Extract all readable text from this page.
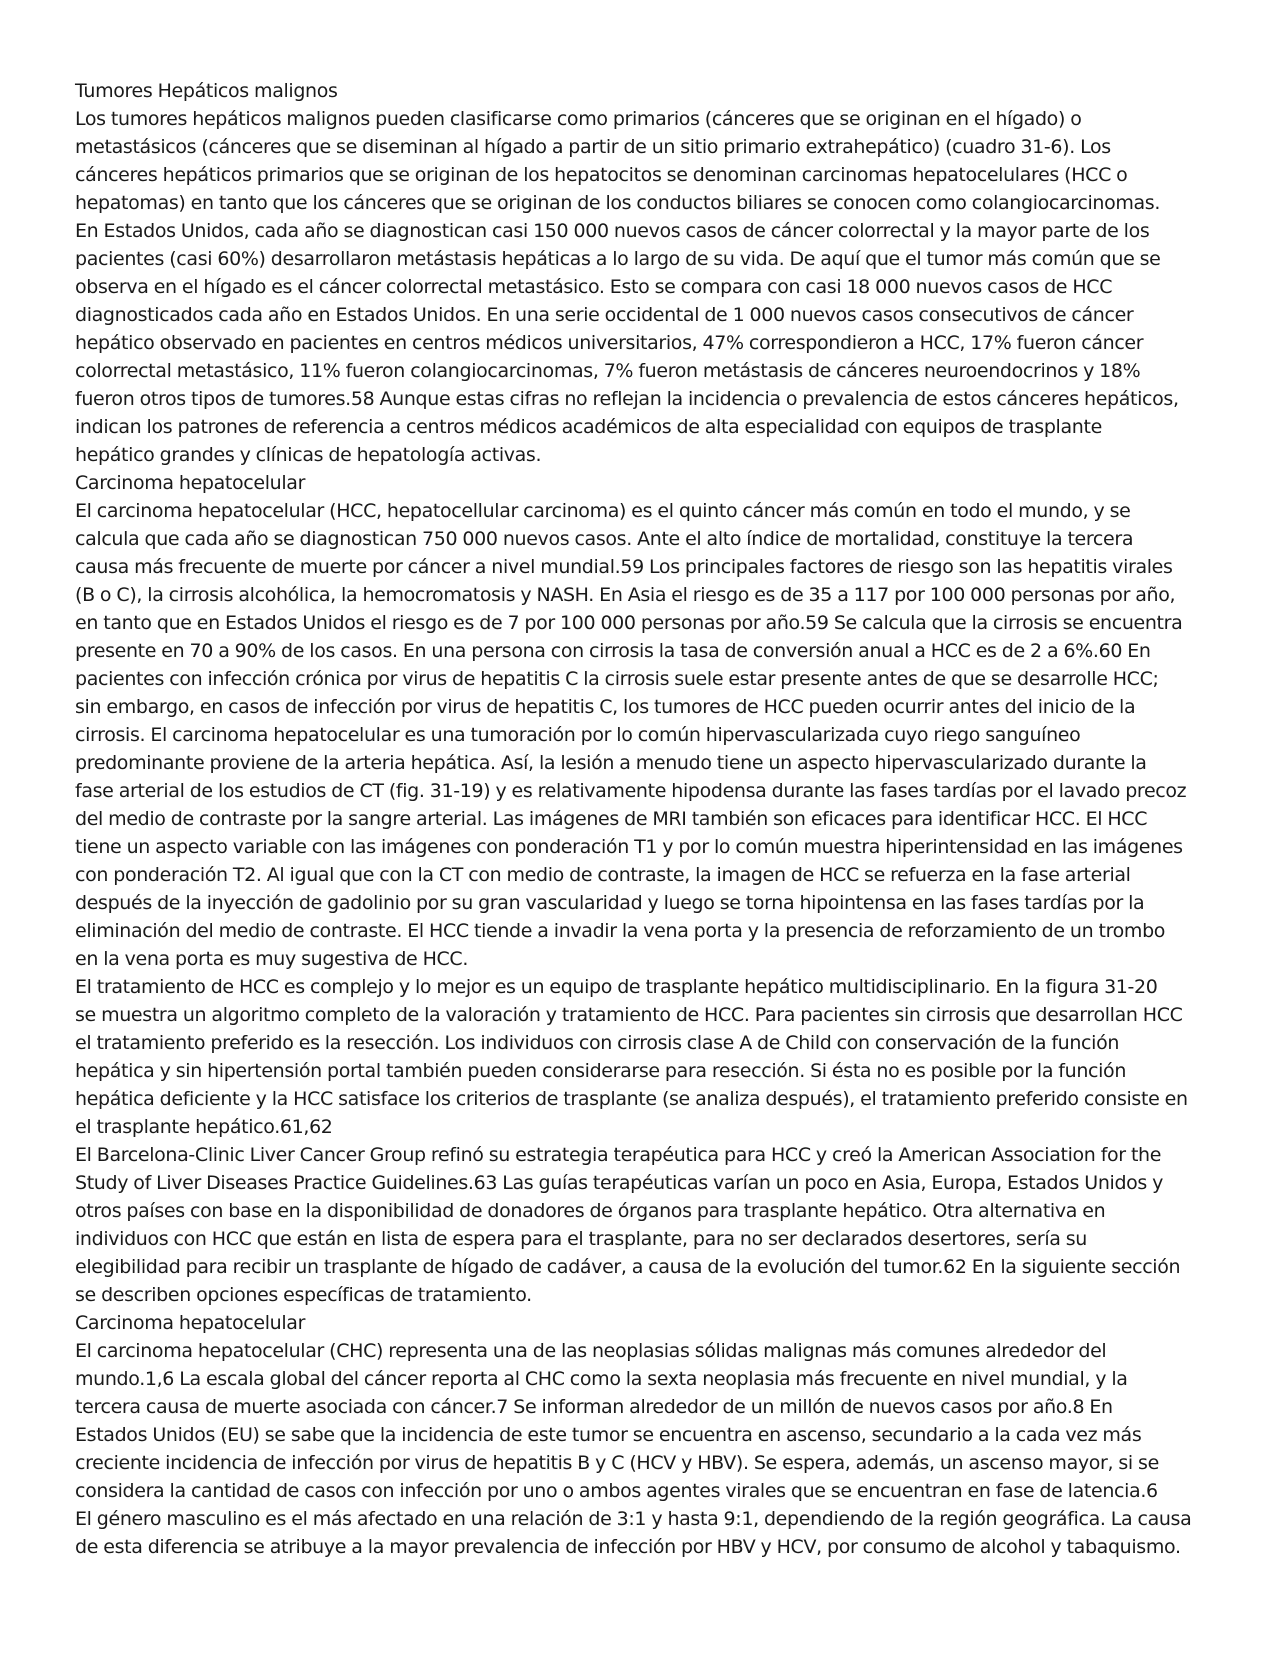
Tumores Hepáticos malignos
Los tumores hepáticos malignos pueden clasificarse como primarios (cánceres que se originan en el hígado) o
metastásicos (cánceres que se diseminan al hígado a partir de un sitio primario extrahepático) (cuadro 31-6). Los
cánceres hepáticos primarios que se originan de los hepatocitos se denominan carcinomas hepatocelulares (HCC o
hepatomas) en tanto que los cánceres que se originan de los conductos biliares se conocen como colangiocarcinomas.
En Estados Unidos, cada año se diagnostican casi 150 000 nuevos casos de cáncer colorrectal y la mayor parte de los
pacientes (casi 60%) desarrollaron metástasis hepáticas a lo largo de su vida. De aquí que el tumor más común que se
observa en el hígado es el cáncer colorrectal metastásico. Esto se compara con casi 18 000 nuevos casos de HCC
diagnosticados cada año en Estados Unidos. En una serie occidental de 1 000 nuevos casos consecutivos de cáncer
hepático observado en pacientes en centros médicos universitarios, 47% correspondieron a HCC, 17% fueron cáncer
colorrectal metastásico, 11% fueron colangiocarcinomas, 7% fueron metástasis de cánceres neuroendocrinos y 18%
fueron otros tipos de tumores.58 Aunque estas cifras no reflejan la incidencia o prevalencia de estos cánceres hepáticos,
indican los patrones de referencia a centros médicos académicos de alta especialidad con equipos de trasplante
hepático grandes y clínicas de hepatología activas.
Carcinoma hepatocelular
El carcinoma hepatocelular (HCC, hepatocellular carcinoma) es el quinto cáncer más común en todo el mundo, y se
calcula que cada año se diagnostican 750 000 nuevos casos. Ante el alto índice de mortalidad, constituye la tercera
causa más frecuente de muerte por cáncer a nivel mundial.59 Los principales factores de riesgo son las hepatitis virales
(B o C), la cirrosis alcohólica, la hemocromatosis y NASH. En Asia el riesgo es de 35 a 117 por 100 000 personas por año,
en tanto que en Estados Unidos el riesgo es de 7 por 100 000 personas por año.59 Se calcula que la cirrosis se encuentra
presente en 70 a 90% de los casos. En una persona con cirrosis la tasa de conversión anual a HCC es de 2 a 6%.60 En
pacientes con infección crónica por virus de hepatitis C la cirrosis suele estar presente antes de que se desarrolle HCC;
sin embargo, en casos de infección por virus de hepatitis C, los tumores de HCC pueden ocurrir antes del inicio de la
cirrosis. El carcinoma hepatocelular es una tumoración por lo común hipervascularizada cuyo riego sanguíneo
predominante proviene de la arteria hepática. Así, la lesión a menudo tiene un aspecto hipervascularizado durante la
fase arterial de los estudios de CT (fig. 31-19) y es relativamente hipodensa durante las fases tardías por el lavado precoz
del medio de contraste por la sangre arterial. Las imágenes de MRI también son eficaces para identificar HCC. El HCC
tiene un aspecto variable con las imágenes con ponderación T1 y por lo común muestra hiperintensidad en las imágenes
con ponderación T2. Al igual que con la CT con medio de contraste, la imagen de HCC se refuerza en la fase arterial
después de la inyección de gadolinio por su gran vascularidad y luego se torna hipointensa en las fases tardías por la
eliminación del medio de contraste. El HCC tiende a invadir la vena porta y la presencia de reforzamiento de un trombo
en la vena porta es muy sugestiva de HCC.
El tratamiento de HCC es complejo y lo mejor es un equipo de trasplante hepático multidisciplinario. En la figura 31-20
se muestra un algoritmo completo de la valoración y tratamiento de HCC. Para pacientes sin cirrosis que desarrollan HCC
el tratamiento preferido es la resección. Los individuos con cirrosis clase A de Child con conservación de la función
hepática y sin hipertensión portal también pueden considerarse para resección. Si ésta no es posible por la función
hepática deficiente y la HCC satisface los criterios de trasplante (se analiza después), el tratamiento preferido consiste en
el trasplante hepático.61,62
El Barcelona-Clinic Liver Cancer Group refinó su estrategia terapéutica para HCC y creó la American Association for the
Study of Liver Diseases Practice Guidelines.63 Las guías terapéuticas varían un poco en Asia, Europa, Estados Unidos y
otros países con base en la disponibilidad de donadores de órganos para trasplante hepático. Otra alternativa en
individuos con HCC que están en lista de espera para el trasplante, para no ser declarados desertores, sería su
elegibilidad para recibir un trasplante de hígado de cadáver, a causa de la evolución del tumor.62 En la siguiente sección
se describen opciones específicas de tratamiento.
Carcinoma hepatocelular
El carcinoma hepatocelular (CHC) representa una de las neoplasias sólidas malignas más comunes alrededor del
mundo.1,6 La escala global del cáncer reporta al CHC como la sexta neoplasia más frecuente en nivel mundial, y la
tercera causa de muerte asociada con cáncer.7 Se informan alrededor de un millón de nuevos casos por año.8 En
Estados Unidos (EU) se sabe que la incidencia de este tumor se encuentra en ascenso, secundario a la cada vez más
creciente incidencia de infección por virus de hepatitis B y C (HCV y HBV). Se espera, además, un ascenso mayor, si se
considera la cantidad de casos con infección por uno o ambos agentes virales que se encuentran en fase de latencia.6
El género masculino es el más afectado en una relación de 3:1 y hasta 9:1, dependiendo de la región geográfica. La causa
de esta diferencia se atribuye a la mayor prevalencia de infección por HBV y HCV, por consumo de alcohol y tabaquismo.
